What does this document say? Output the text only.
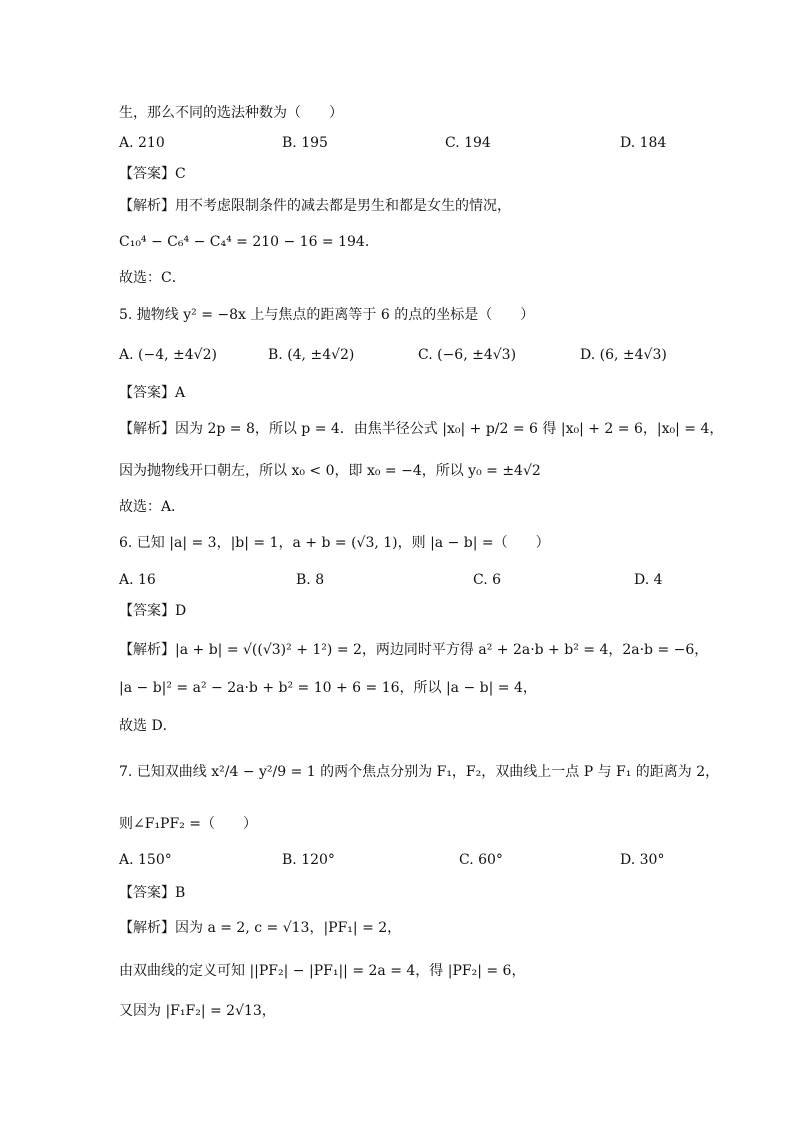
生，那么不同的选法种数为（　　）
A. 210	B. 195	C. 194	D. 184
【答案】C
【解析】用不考虑限制条件的减去都是男生和都是女生的情况，
C₁₀⁴ − C₆⁴ − C₄⁴ = 210 − 16 = 194.
故选：C．
5. 抛物线 y² = −8x 上与焦点的距离等于 6 的点的坐标是（　　）
A. (−4, ±4√2)	B. (4, ±4√2)	C. (−6, ±4√3)	D. (6, ±4√3)
【答案】A
【解析】因为 2p = 8，所以 p = 4．由焦半径公式 |x₀| + p/2 = 6 得 |x₀| + 2 = 6，|x₀| = 4，
因为抛物线开口朝左，所以 x₀ < 0，即 x₀ = −4，所以 y₀ = ±4√2
故选：A．
6. 已知 |a| = 3，|b| = 1，a + b = (√3, 1)，则 |a − b| =（　　）
A. 16	B. 8	C. 6	D. 4
【答案】D
【解析】|a + b| = √((√3)² + 1²) = 2，两边同时平方得 a² + 2a·b + b² = 4，2a·b = −6，
|a − b|² = a² − 2a·b + b² = 10 + 6 = 16，所以 |a − b| = 4，
故选 D．
7. 已知双曲线 x²/4 − y²/9 = 1 的两个焦点分别为 F₁，F₂，双曲线上一点 P 与 F₁ 的距离为 2，
则∠F₁PF₂ =（　　）
A. 150°	B. 120°	C. 60°	D. 30°
【答案】B
【解析】因为 a = 2, c = √13，|PF₁| = 2，
由双曲线的定义可知 ||PF₂| − |PF₁|| = 2a = 4，得 |PF₂| = 6，
又因为 |F₁F₂| = 2√13，
